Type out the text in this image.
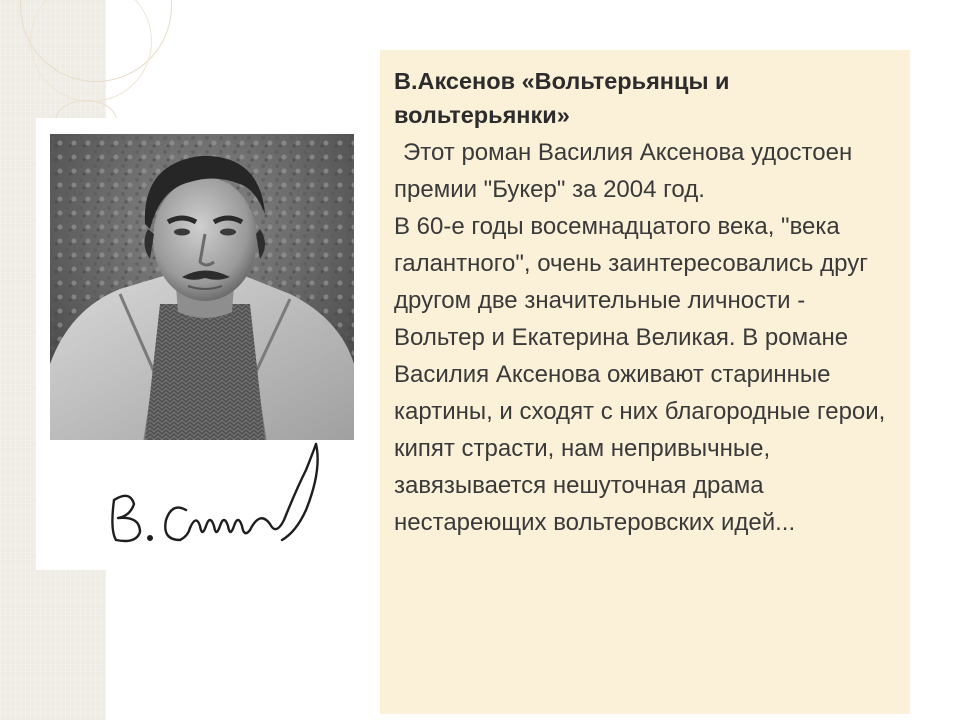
В.Аксенов «Вольтерьянцы и вольтерьянки»

Этот роман Василия Аксенова удостоен премии "Букер" за 2004 год.

В 60-е годы восемнадцатого века, "века галантного", очень заинтересовались друг другом две значительные личности - Вольтер и Екатерина Великая. В романе Василия Аксенова оживают старинные картины, и сходят с них благородные герои, кипят страсти, нам непривычные, завязывается нешуточная драма нестареющих вольтеровских идей...
